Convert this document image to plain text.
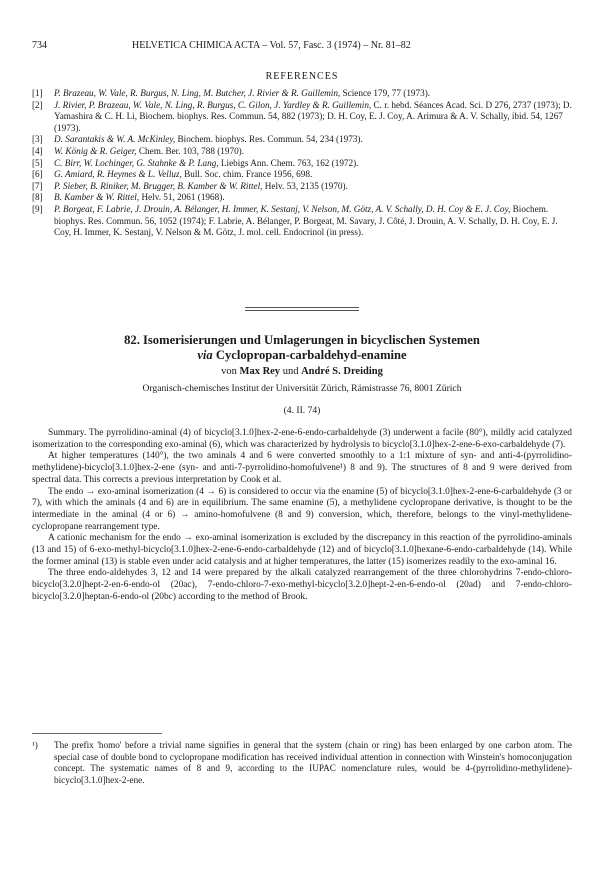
734	HELVETICA CHIMICA ACTA – Vol. 57, Fasc. 3 (1974) – Nr. 81–82
REFERENCES
[1] P. Brazeau, W. Vale, R. Burgus, N. Ling, M. Butcher, J. Rivier & R. Guillemin, Science 179, 77 (1973).
[2] J. Rivier, P. Brazeau, W. Vale, N. Ling, R. Burgus, C. Gilon, J. Yardley & R. Guillemin, C. r. hebd. Séances Acad. Sci. D 276, 2737 (1973); D. Yamashira & C. H. Li, Biochem. biophys. Res. Commun. 54, 882 (1973); D. H. Coy, E. J. Coy, A. Arimura & A. V. Schally, ibid. 54, 1267 (1973).
[3] D. Sarantakis & W. A. McKinley, Biochem. biophys. Res. Commun. 54, 234 (1973).
[4] W. König & R. Geiger, Chem. Ber. 103, 788 (1970).
[5] C. Birr, W. Lochinger, G. Stahnke & P. Lang, Liebigs Ann. Chem. 763, 162 (1972).
[6] G. Amiard, R. Heymes & L. Velluz, Bull. Soc. chim. France 1956, 698.
[7] P. Sieber, B. Riniker, M. Brugger, B. Kamber & W. Rittel, Helv. 53, 2135 (1970).
[8] B. Kamber & W. Rittel, Helv. 51, 2061 (1968).
[9] P. Borgeat, F. Labrie, J. Drouin, A. Bélanger, H. Immer, K. Sestanj, V. Nelson, M. Götz, A. V. Schally, D. H. Coy & E. J. Coy, Biochem. biophys. Res. Commun. 56, 1052 (1974); F. Labrie, A. Bélanger, P. Borgeat, M. Savary, J. Côté, J. Drouin, A. V. Schally, D. H. Coy, E. J. Coy, H. Immer, K. Sestanj, V. Nelson & M. Götz, J. mol. cell. Endocrinol (in press).
82. Isomerisierungen und Umlagerungen in bicyclischen Systemen
via Cyclopropan-carbaldehyd-enamine
von Max Rey und André S. Dreiding
Organisch-chemisches Institut der Universität Zürich, Rämistrasse 76, 8001 Zürich
(4. II. 74)

Summary. The pyrrolidino-aminal (4) of bicyclo[3.1.0]hex-2-ene-6-endo-carbaldehyde (3) underwent a facile (80°), mildly acid catalyzed isomerization to the corresponding exo-aminal (6), which was characterized by hydrolysis to bicyclo[3.1.0]hex-2-ene-6-exo-carbaldehyde (7).

At higher temperatures (140°), the two aminals 4 and 6 were converted smoothly to a 1:1 mixture of syn- and anti-4-(pyrrolidino-methylidene)-bicyclo[3.1.0]hex-2-ene (syn- and anti-7-pyrrolidino-homofulvene¹) 8 and 9). The structures of 8 and 9 were derived from spectral data. This corrects a previous interpretation by Cook et al.

The endo → exo-aminal isomerization (4 → 6) is considered to occur via the enamine (5) of bicyclo[3.1.0]hex-2-ene-6-carbaldehyde (3 or 7), with which the aminals (4 and 6) are in equilibrium. The same enamine (5), a methylidene cyclopropane derivative, is thought to be the intermediate in the aminal (4 or 6) → amino-homofulvene (8 and 9) conversion, which, therefore, belongs to the vinyl-methylidene-cyclopropane rearrangement type.

A cationic mechanism for the endo → exo-aminal isomerization is excluded by the discrepancy in this reaction of the pyrrolidino-aminals (13 and 15) of 6-exo-methyl-bicyclo[3.1.0]hex-2-ene-6-endo-carbaldehyde (12) and of bicyclo[3.1.0]hexane-6-endo-carbaldehyde (14). While the former aminal (13) is stable even under acid catalysis and at higher temperatures, the latter (15) isomerizes readily to the exo-aminal 16.

The three endo-aldehydes 3, 12 and 14 were prepared by the alkali catalyzed rearrangement of the three chlorohydrins 7-endo-chloro-bicyclo[3.2.0]hept-2-en-6-endo-ol (20ac), 7-endo-chloro-7-exo-methyl-bicyclo[3.2.0]hept-2-en-6-endo-ol (20ad) and 7-endo-chloro-bicyclo[3.2.0]heptan-6-endo-ol (20bc) according to the method of Brook.

¹)	The prefix 'homo' before a trivial name signifies in general that the system (chain or ring) has been enlarged by one carbon atom. The special case of double bond to cyclopropane modification has received individual attention in connection with Winstein's homoconjugation concept. The systematic names of 8 and 9, according to the IUPAC nomenclature rules, would be 4-(pyrrolidino-methylidene)-bicyclo[3.1.0]hex-2-ene.
